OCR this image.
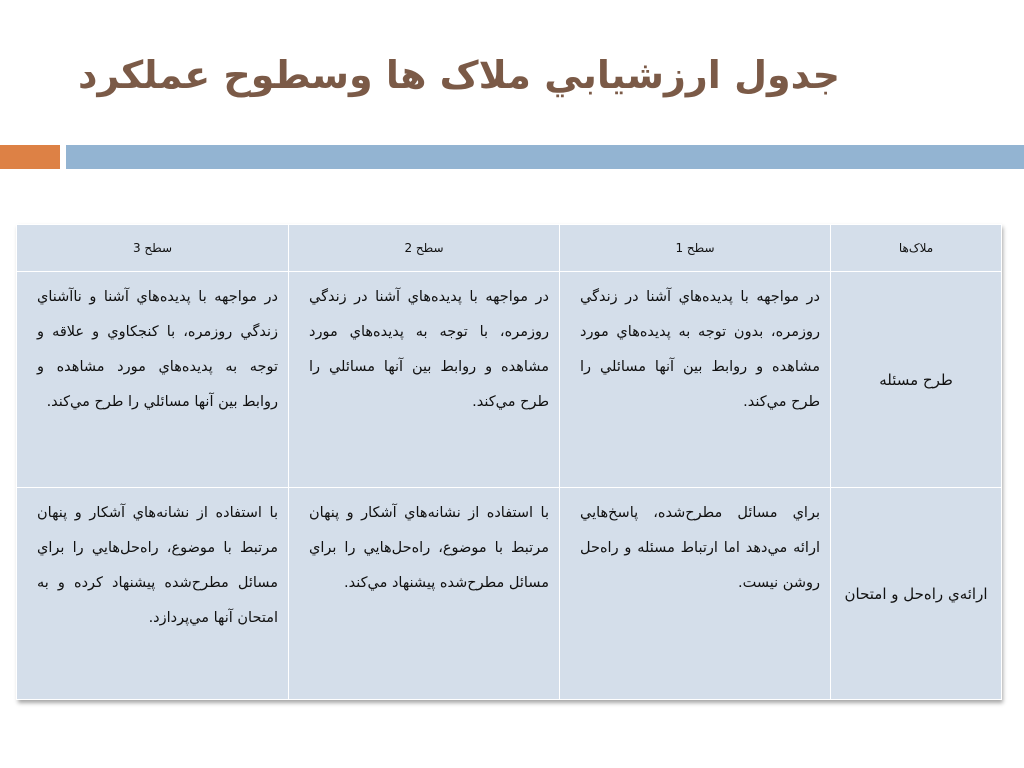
جدول ارزشيابي ملاک ها وسطوح عملكرد
ملاک‌ها	سطح 1	سطح 2	سطح 3
طرح مسئله	در مواجهه با پديده‌هاي آشنا در زندگي روزمره، بدون توجه به پديده‌هاي مورد مشاهده و روابط بين آنها مسائلي را طرح مي‌كند.	در مواجهه با پديده‌هاي آشنا در زندگي روزمره، با توجه به پديده‌هاي مورد مشاهده و روابط بين آنها مسائلي را طرح مي‌كند.	در مواجهه با پديده‌هاي آشنا و ناآشناي زندگي روزمره، با كنجكاوي و علاقه و توجه به پديده‌هاي مورد مشاهده و روابط بين آنها مسائلي را طرح مي‌كند.
ارائه‌ي راه‌حل و امتحان	براي مسائل مطرح‌شده، پاسخ‌هايي ارائه مي‌دهد اما ارتباط مسئله و راه‌حل روشن نيست.	با استفاده از نشانه‌هاي آشكار و پنهان مرتبط با موضوع، راه‌حل‌هايي را براي مسائل مطرح‌شده پيشنهاد مي‌كند.	با استفاده از نشانه‌هاي آشكار و پنهان مرتبط با موضوع، راه‌حل‌هايي را براي مسائل مطرح‌شده پيشنهاد كرده و به امتحان آنها مي‌پردازد.
